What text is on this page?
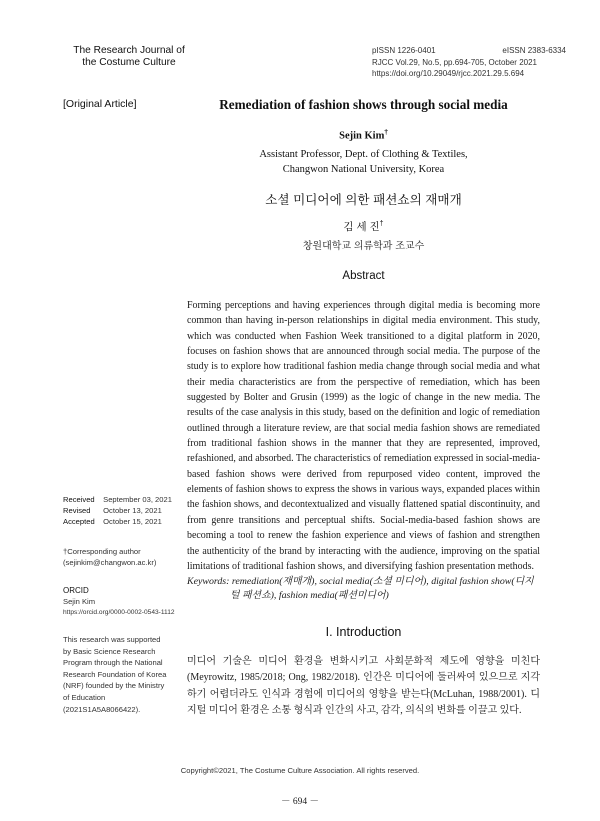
The Research Journal of
the Costume Culture
pISSN 1226-0401	eISSN 2383-6334
RJCC Vol.29, No.5, pp.694-705, October 2021
https://doi.org/10.29049/rjcc.2021.29.5.694
[Original Article]	Remediation of fashion shows through social media
Sejin Kim†
Assistant Professor, Dept. of Clothing & Textiles,
Changwon National University, Korea
소셜 미디어에 의한 패션쇼의 재매개
김 세 진†
창원대학교 의류학과 조교수
Abstract
Forming perceptions and having experiences through digital media is becoming more common than having in-person relationships in digital media environment. This study, which was conducted when Fashion Week transitioned to a digital platform in 2020, focuses on fashion shows that are announced through social media. The purpose of the study is to explore how traditional fashion media change through social media and what their media characteristics are from the perspective of remediation, which has been suggested by Bolter and Grusin (1999) as the logic of change in the new media. The results of the case analysis in this study, based on the definition and logic of remediation outlined through a literature review, are that social media fashion shows are remediated from traditional fashion shows in the manner that they are represented, improved, refashioned, and absorbed. The characteristics of remediation expressed in social-media-based fashion shows were derived from repurposed video content, improved the elements of fashion shows to express the shows in various ways, expanded places within the fashion shows, and decontextualized and visually flattened spatial discontinuity, and from genre transitions and perceptual shifts. Social-media-based fashion shows are becoming a tool to renew the fashion experience and views of fashion and strengthen the authenticity of the brand by interacting with the audience, improving on the spatial limitations of traditional fashion shows, and diversifying fashion presentation methods.
Keywords: remediation(재매개), social media(소셜 미디어), digital fashion show(디지
털 패션쇼), fashion media(패션미디어)
I. Introduction
미디어 기술은 미디어 환경을 변화시키고 사회문화적 제도에 영향을 미친다(Meyrowitz, 1985/2018; Ong, 1982/2018). 인간은 미디어에 둘러싸여 있으므로 지각하기 어렵더라도 인식과 경험에 미디어의 영향을 받는다(McLuhan, 1988/2001). 디지털 미디어 환경은 소통 형식과 인간의 사고, 감각, 의식의 변화를 이끌고 있다.
Received September 03, 2021
Revised October 13, 2021
Accepted October 15, 2021
†Corresponding author
(sejinkim@changwon.ac.kr)
ORCID
Sejin Kim
https://orcid.org/0000-0002-0543-1112
This research was supported
by Basic Science Research
Program through the National
Research Foundation of Korea
(NRF) founded by the Ministry
of Education
(2021S1A5A8066422).
Copyright©2021, The Costume Culture Association. All rights reserved.
－ 694 －
